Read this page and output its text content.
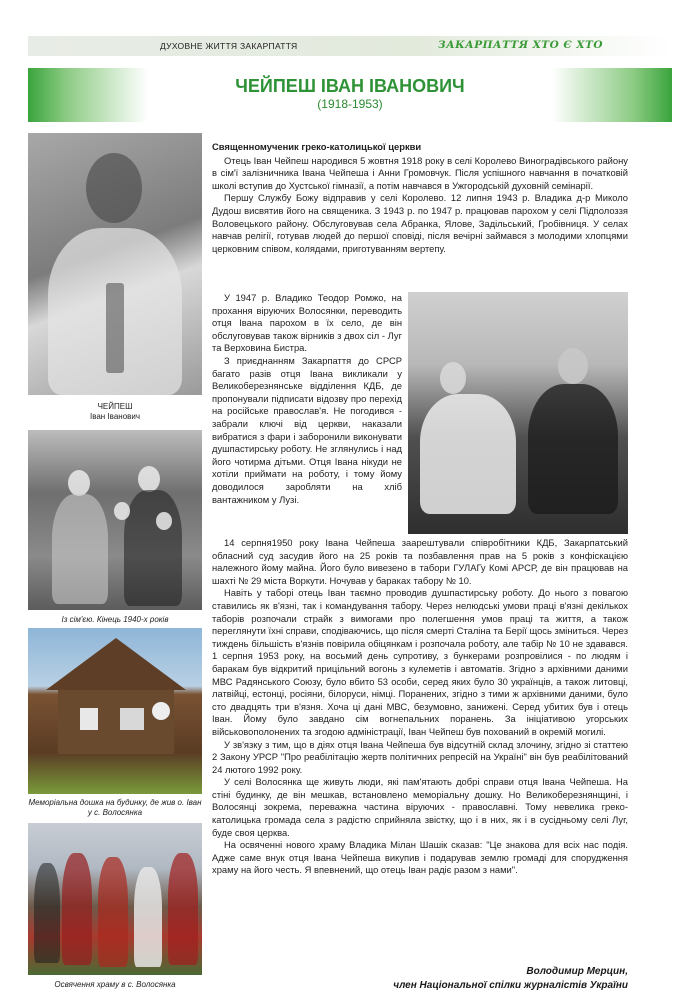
ДУХОВНЕ ЖИТТЯ ЗАКАРПАТТЯ	ЗАКАРПАТТЯ ХТО Є ХТО
ЧЕЙПЕШ ІВАН ІВАНОВИЧ
(1918-1953)
ЧЕЙПЕШ
Іван Іванович
Із сім'єю. Кінець 1940-х років
Меморіальна дошка на будинку, де жив о. Іван у с. Волосянка
Освячення храму в с. Волосянка

Священномученик греко-католицької церкви

Отець Іван Чейпеш народився 5 жовтня 1918 року в селі Королево Виноградівського району в сім'ї залізничника Івана Чейпеша і Анни Громовчук. Після успішного навчання в початковій школі вступив до Хустської гімназії, а потім навчався в Ужгородській духовній семінарії.

Першу Службу Божу відправив у селі Королево. 12 липня 1943 р. Владика д-р Миколо Дудош висвятив його на священика. З 1943 р. по 1947 р. працював парохом у селі Підполоззя Воловецького району. Обслуговував села Абранка, Ялове, Задільський, Гробівниця. У селах навчав релігії, готував людей до першої сповіді, після вечірні займався з молодими хлопцями церковним співом, колядами, приготуванням вертепу.

У 1947 р. Владико Теодор Ромжо, на прохання віруючих Волосянки, переводить отця Івана парохом в їх село, де він обслуговував також вірників з двох сіл - Луг та Верховина Бистра.

З приєднанням Закарпаття до СРСР багато разів отця Івана викликали у Великоберезнянське відділення КДБ, де пропонували підписати відозву про перехід на російське православ'я. Не погодився - забрали ключі від церкви, наказали вибратися з фари і заборонили виконувати душпастирську роботу. Не зглянулись і над його чотирма дітьми. Отця Івана нікуди не хотіли приймати на роботу, і тому йому доводилося заробляти на хліб вантажником у Лузі.

14 серпня1950 року Івана Чейпеша заарештували співробітники КДБ, Закарпатський обласний суд засудив його на 25 років та позбавлення прав на 5 років з конфіскацією належного йому майна. Його було вивезено в табори ГУЛАГу Комі АРСР, де він працював на шахті № 29 міста Воркути. Ночував у бараках табору № 10.

Навіть у таборі отець Іван таємно проводив душпастирську роботу. До нього з повагою ставились як в'язні, так і командування табору. Через нелюдські умови праці в'язні декількох таборів розпочали страйк з вимогами про полегшення умов праці та життя, а також переглянути їхні справи, сподіваючись, що після смерті Сталіна та Берії щось зміниться. Через тиждень більшість в'язнів повірила обіцянкам і розпочала роботу, але табір № 10 не здавався. 1 серпня 1953 року, на восьмий день супротиву, з бункерами розпровілися - по людям і баракам був відкритий прицільний вогонь з кулеметів і автоматів. Згідно з архівними даними МВС Радянського Союзу, було вбито 53 особи, серед яких було 30 українців, а також литовці, латвійці, естонці, росіяни, білоруси, німці. Поранених, згідно з тими ж архівними даними, було сто двадцять три в'язня. Хоча ці дані МВС, безумовно, занижені. Серед убитих був і отець Іван. Йому було завдано сім вогнепальних поранень. За ініціативою угорських військовополонених та згодою адміністрації, Іван Чейпеш був похований в окремій могилі.

У зв'язку з тим, що в діях отця Івана Чейпеша був відсутній склад злочину, згідно зі статтею 2 Закону УРСР "Про реабілітацію жертв політичних репресій на Україні" він був реабілітований 24 лютого 1992 року.

У селі Волосянка ще живуть люди, які пам'ятають добрі справи отця Івана Чейпеша. На стіні будинку, де він мешкав, встановлено меморіальну дошку. Но Великоберезнянщині, і Волосянці зокрема, переважна частина віруючих - православні. Тому невелика греко-католицька громада села з радістю сприйняла звістку, що і в них, як і в сусідньому селі Луг, буде своя церква.

На освяченні нового храму Владика Мілан Шашік сказав: "Це знакова для всіх нас подія. Адже саме внук отця Івана Чейпеша викупив і подарував землю громаді для спорудження храму на його честь. Я впевнений, що отець Іван радіє разом з нами".

Володимир Мерцин,
член Національної спілки журналістів України
